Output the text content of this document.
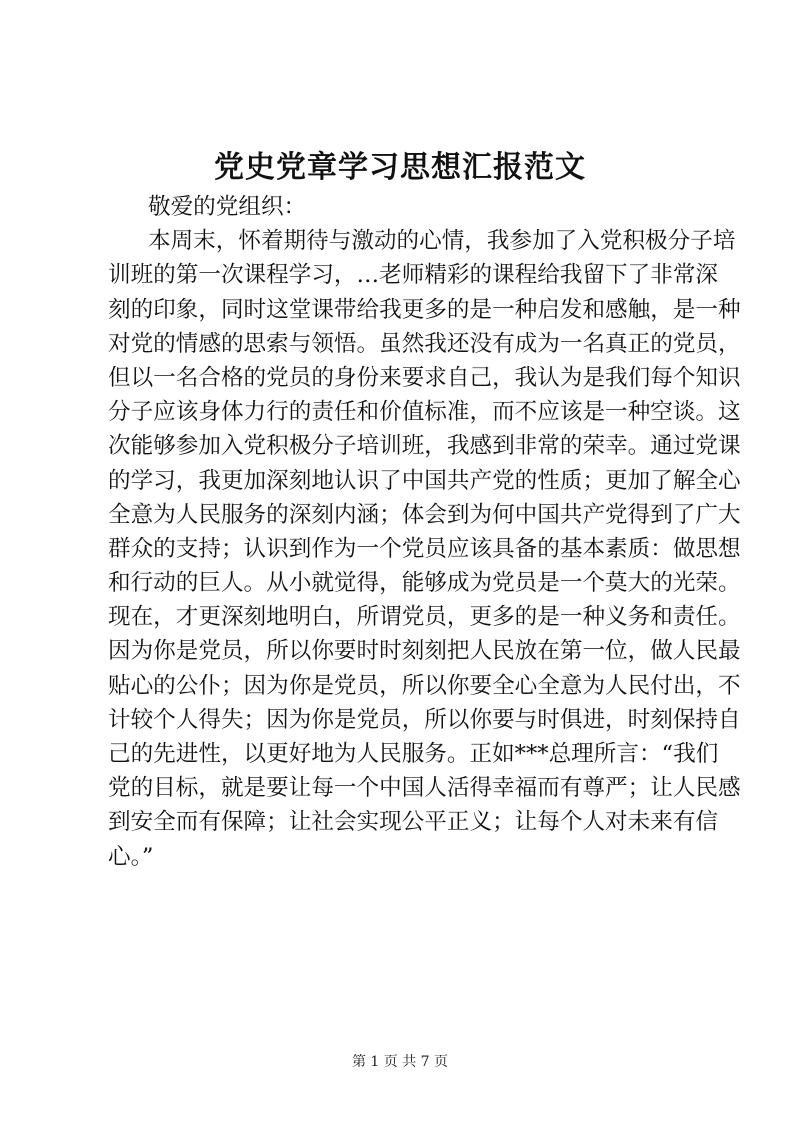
党史党章学习思想汇报范文
敬爱的党组织：
本周末，怀着期待与激动的心情，我参加了入党积极分子培
训班的第一次课程学习，…老师精彩的课程给我留下了非常深
刻的印象，同时这堂课带给我更多的是一种启发和感触，是一种
对党的情感的思索与领悟。虽然我还没有成为一名真正的党员，
但以一名合格的党员的身份来要求自己，我认为是我们每个知识
分子应该身体力行的责任和价值标准，而不应该是一种空谈。这
次能够参加入党积极分子培训班，我感到非常的荣幸。通过党课
的学习，我更加深刻地认识了中国共产党的性质；更加了解全心
全意为人民服务的深刻内涵；体会到为何中国共产党得到了广大
群众的支持；认识到作为一个党员应该具备的基本素质：做思想
和行动的巨人。从小就觉得，能够成为党员是一个莫大的光荣。
现在，才更深刻地明白，所谓党员，更多的是一种义务和责任。
因为你是党员，所以你要时时刻刻把人民放在第一位，做人民最
贴心的公仆；因为你是党员，所以你要全心全意为人民付出，不
计较个人得失；因为你是党员，所以你要与时俱进，时刻保持自
己的先进性，以更好地为人民服务。正如***总理所言：“我们
党的目标，就是要让每一个中国人活得幸福而有尊严；让人民感
到安全而有保障；让社会实现公平正义；让每个人对未来有信
心。”
第 1 页 共 7 页
